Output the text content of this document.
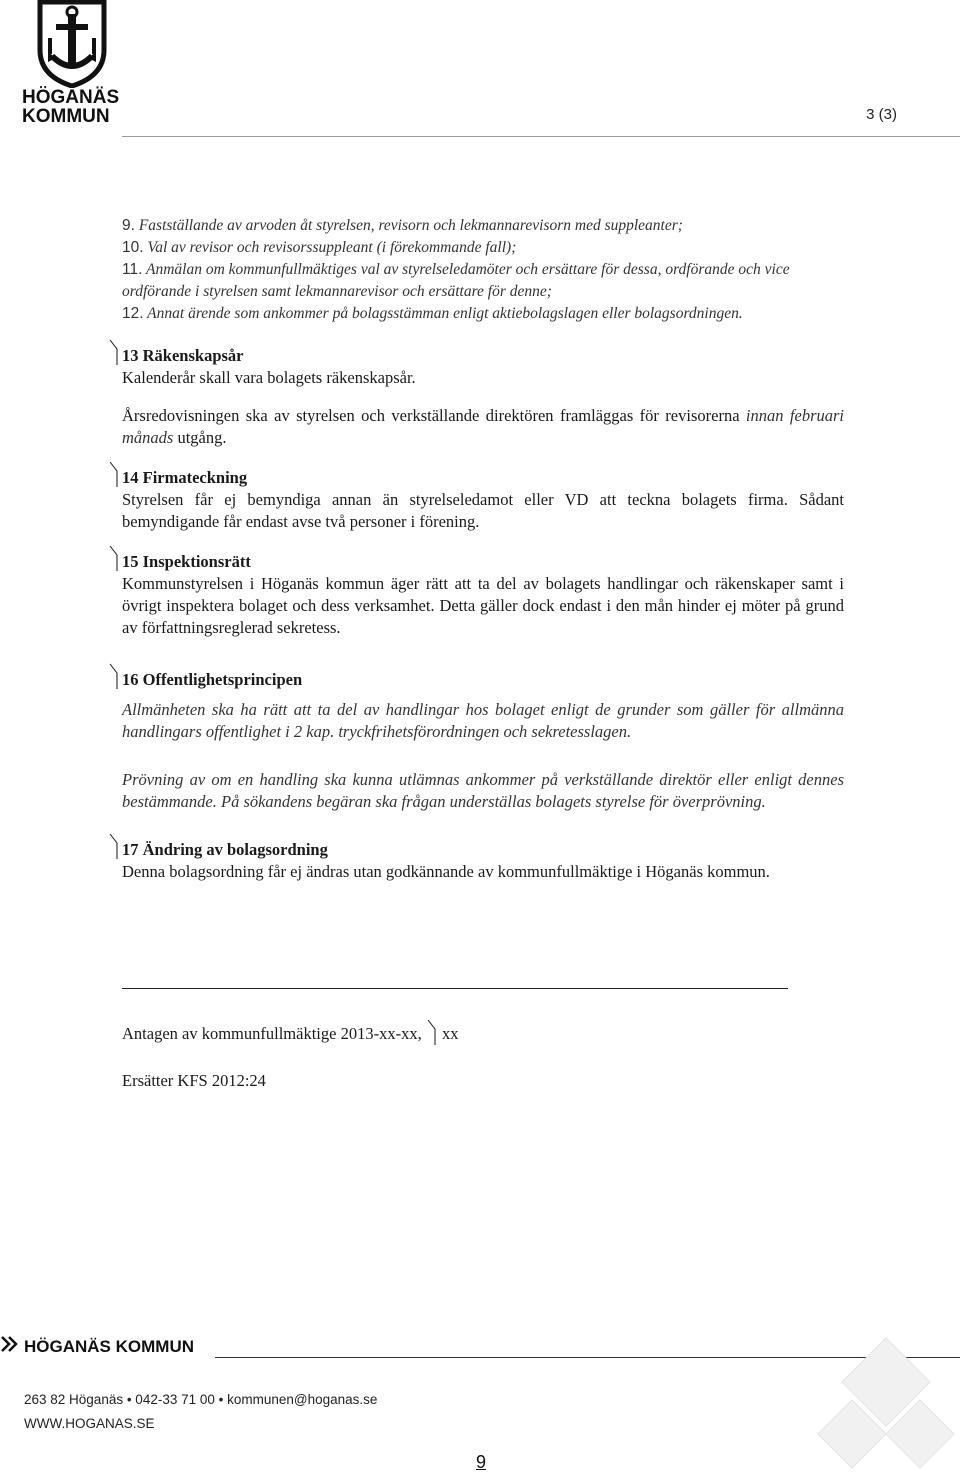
HÖGANÄS
KOMMUN	3 (3)

9. Fastställande av arvoden åt styrelsen, revisorn och lekmannarevisorn med suppleanter;

10. Val av revisor och revisorssuppleant (i förekommande fall);

11. Anmälan om kommunfullmäktiges val av styrelseledamöter och ersättare för dessa, ordförande och vice ordförande i styrelsen samt lekmannarevisor och ersättare för denne;

12. Annat ärende som ankommer på bolagsstämman enligt aktiebolagslagen eller bolagsordningen.

13 Räkenskapsår

Kalenderår skall vara bolagets räkenskapsår.

Årsredovisningen ska av styrelsen och verkställande direktören framläggas för revisorerna innan februari månads utgång.

14 Firmateckning

Styrelsen får ej bemyndiga annan än styrelseledamot eller VD att teckna bolagets firma. Sådant bemyndigande får endast avse två personer i förening.

15 Inspektionsrätt

Kommunstyrelsen i Höganäs kommun äger rätt att ta del av bolagets handlingar och räkenskaper samt i övrigt inspektera bolaget och dess verksamhet. Detta gäller dock endast i den mån hinder ej möter på grund av författningsreglerad sekretess.

16 Offentlighetsprincipen

Allmänheten ska ha rätt att ta del av handlingar hos bolaget enligt de grunder som gäller för allmänna handlingars offentlighet i 2 kap. tryckfrihetsförordningen och sekretesslagen.

Prövning av om en handling ska kunna utlämnas ankommer på verkställande direktör eller enligt dennes bestämmande. På sökandens begäran ska frågan underställas bolagets styrelse för överprövning.

17 Ändring av bolagsordning

Denna bolagsordning får ej ändras utan godkännande av kommunfullmäktige i Höganäs kommun.

Antagen av kommunfullmäktige 2013-xx-xx, xx
Ersätter KFS 2012:24
HÖGANÄS KOMMUN
263 82 Höganäs • 042-33 71 00 • kommunen@hoganas.se
WWW.HOGANAS.SE
9
